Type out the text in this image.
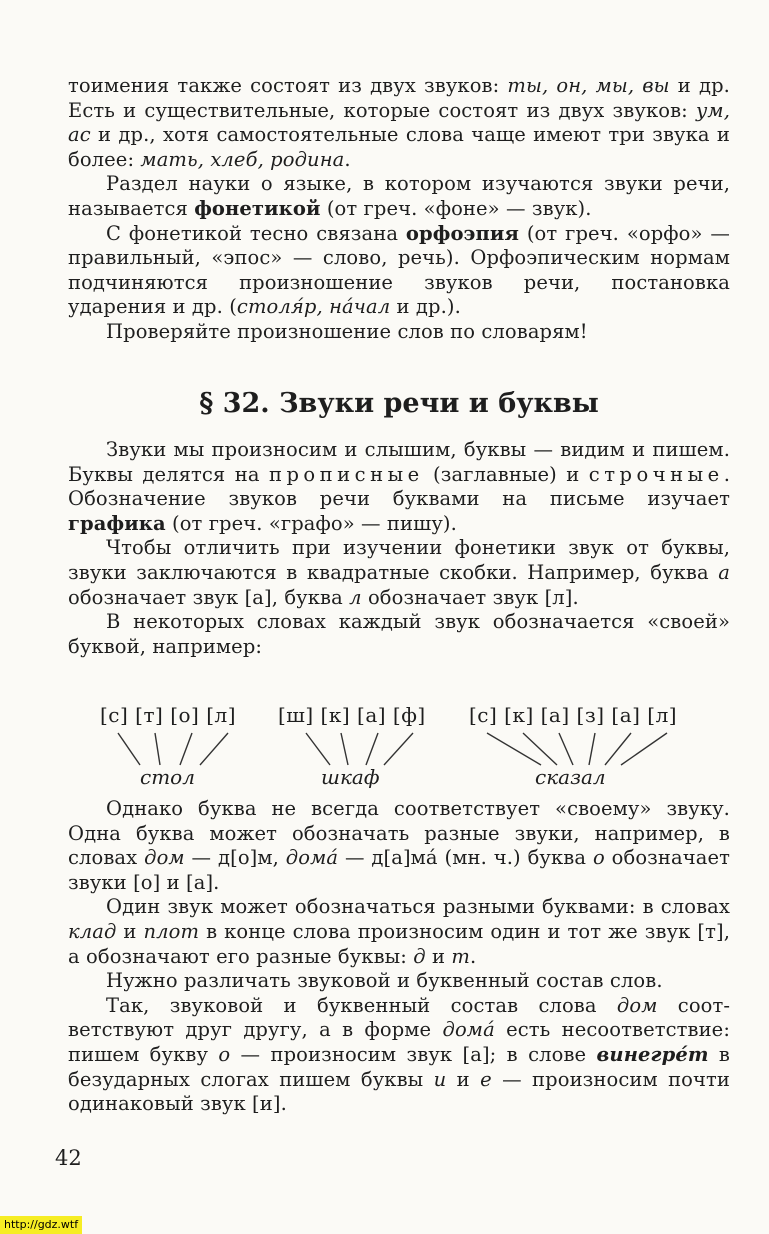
тоимения также состоят из двух звуков: ты, он, мы, вы и др. Есть и существительные, которые состоят из двух звуков: ум, ас и др., хотя самостоятельные слова чаще имеют три звука и более: мать, хлеб, родина.

Раздел науки о языке, в котором изучаются звуки речи, называется фонетикой (от греч. «фоне» — звук).

С фонетикой тесно связана орфоэпия (от греч. «орфо» — правильный, «эпос» — слово, речь). Орфоэпическим нормам подчиняются произношение звуков речи, постановка ударения и др. (столя́р, на́чал и др.).

Проверяйте произношение слов по словарям!

§ 32. Звуки речи и буквы

Звуки мы произносим и слышим, буквы — видим и пишем. Буквы делятся на прописные (заглавные) и строчные. Обозначение звуков речи буквами на письме изучает графика (от греч. «графо» — пишу).

Чтобы отличить при изучении фонетики звук от буквы, звуки заключаются в квадратные скобки. Например, буква а обозначает звук [а], буква л обозначает звук [л].

В некоторых словах каждый звук обозначается «своей» буквой, например:

[с] [т] [о] [л]
стол
[ш] [к] [а] [ф]
шкаф
[с] [к] [а] [з] [а] [л]
сказал

Однако буква не всегда соответствует «своему» звуку. Одна буква может обозначать разные звуки, например, в словах дом — д[о]м, дома́ — д[а]ма́ (мн. ч.) буква о обозначает звуки [о] и [а].

Один звук может обозначаться разными буквами: в словах клад и плот в конце слова произносим один и тот же звук [т], а обозначают его разные буквы: д и т.

Нужно различать звуковой и буквенный состав слов.

Так, звуковой и буквенный состав слова дом соответствуют друг другу, а в форме дома́ есть несоответствие: пишем букву о — произносим звук [а]; в слове винегре́т в безударных слогах пишем буквы и и е — произносим почти одинаковый звук [и].

42
http://gdz.wtf
